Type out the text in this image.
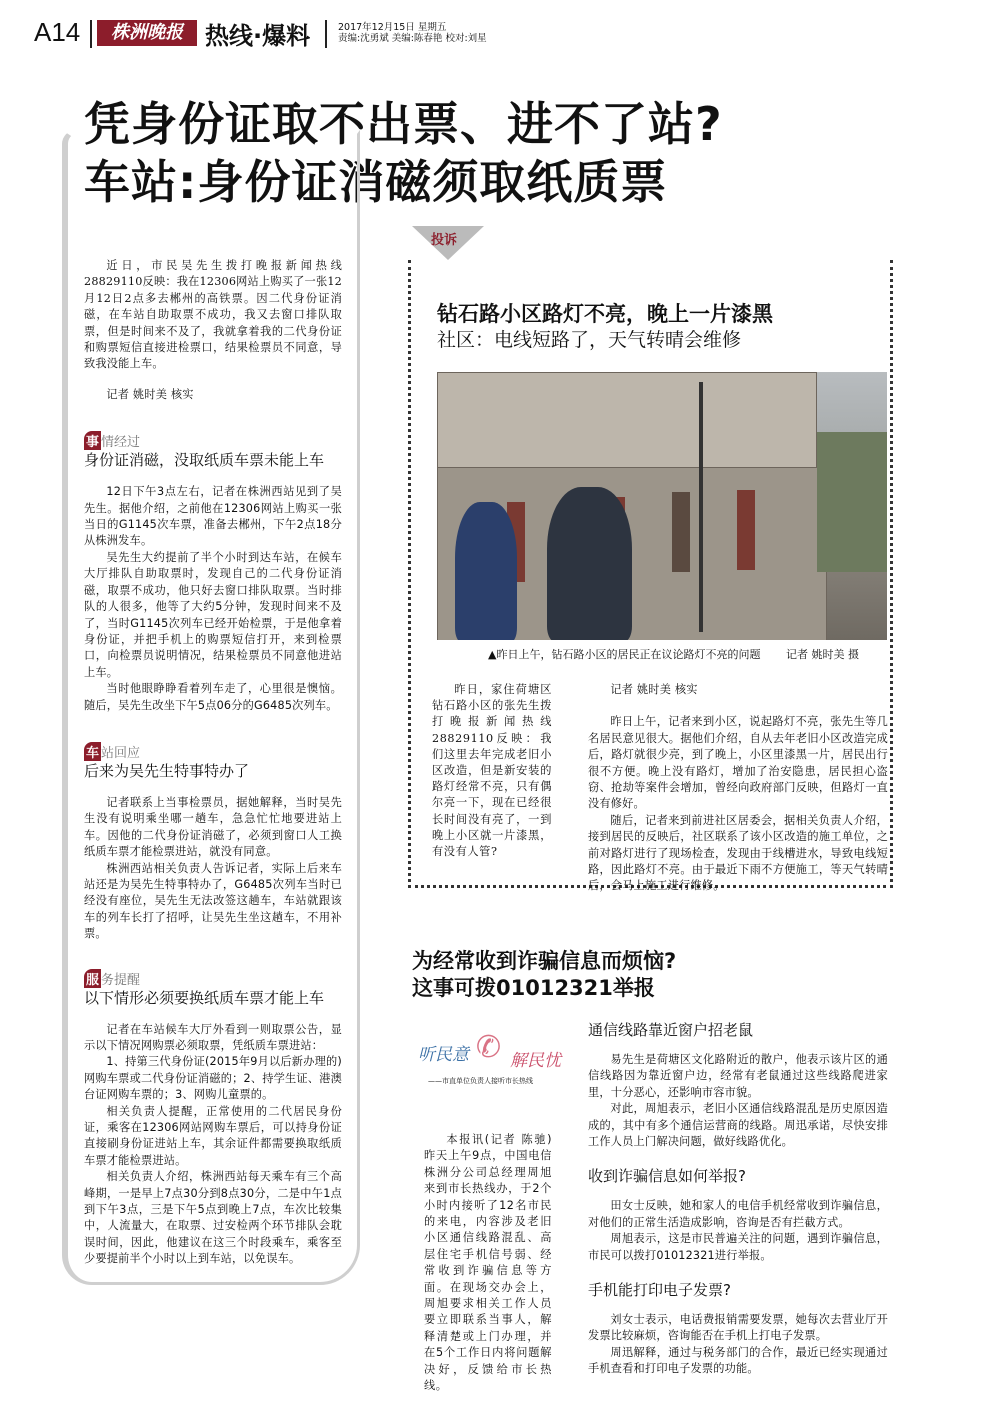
A14	株洲晚报 热线·爆料	2017年12月15日 星期五
责编:沈勇斌 美编:陈春艳 校对:刘星
凭身份证取不出票、进不了站?
车站:身份证消磁须取纸质票

近日，市民吴先生拨打晚报新闻热线28829110反映：我在12306网站上购买了一张12月12日2点多去郴州的高铁票。因二代身份证消磁，在车站自助取票不成功，我又去窗口排队取票，但是时间来不及了，我就拿着我的二代身份证和购票短信直接进检票口，结果检票员不同意，导致我没能上车。

记者 姚时美 核实

事 情经过
身份证消磁，没取纸质车票未能上车

12日下午3点左右，记者在株洲西站见到了吴先生。据他介绍，之前他在12306网站上购买一张当日的G1145次车票，准备去郴州，下午2点18分从株洲发车。

吴先生大约提前了半个小时到达车站，在候车大厅排队自助取票时，发现自己的二代身份证消磁，取票不成功，他只好去窗口排队取票。当时排队的人很多，他等了大约5分钟，发现时间来不及了，当时G1145次列车已经开始检票，于是他拿着身份证，并把手机上的购票短信打开，来到检票口，向检票员说明情况，结果检票员不同意他进站上车。

当时他眼睁睁看着列车走了，心里很是懊恼。随后，吴先生改坐下午5点06分的G6485次列车。

车 站回应
后来为吴先生特事特办了

记者联系上当事检票员，据她解释，当时吴先生没有说明乘坐哪一趟车，急急忙忙地要进站上车。因他的二代身份证消磁了，必须到窗口人工换纸质车票才能检票进站，就没有同意。

株洲西站相关负责人告诉记者，实际上后来车站还是为吴先生特事特办了，G6485次列车当时已经没有座位，吴先生无法改签这趟车，车站就跟该车的列车长打了招呼，让吴先生坐这趟车，不用补票。

服 务提醒
以下情形必须要换纸质车票才能上车

记者在车站候车大厅外看到一则取票公告，显示以下情况网购票必须取票，凭纸质车票进站：

1、持第三代身份证(2015年9月以后新办理的)网购车票或二代身份证消磁的；2、持学生证、港澳台证网购车票的；3、网购儿童票的。

相关负责人提醒，正常使用的二代居民身份证，乘客在12306网站网购车票后，可以持身份证直接刷身份证进站上车，其余证件都需要换取纸质车票才能检票进站。

相关负责人介绍，株洲西站每天乘车有三个高峰期，一是早上7点30分到8点30分，二是中午1点到下午3点，三是下午5点到晚上7点，车次比较集中，人流量大，在取票、过安检两个环节排队会耽误时间，因此，他建议在这三个时段乘车，乘客至少要提前半个小时以上到车站，以免误车。

投诉
钻石路小区路灯不亮，晚上一片漆黑
社区：电线短路了，天气转晴会维修
▲昨日上午，钻石路小区的居民正在议论路灯不亮的问题 记者 姚时美 摄

昨日，家住荷塘区钻石路小区的张先生拨打晚报新闻热线28829110反映：我们这里去年完成老旧小区改造，但是新安装的路灯经常不亮，只有偶尔亮一下，现在已经很长时间没有亮了，一到晚上小区就一片漆黑，有没有人管?

记者 姚时美 核实

昨日上午，记者来到小区，说起路灯不亮，张先生等几名居民意见很大。据他们介绍，自从去年老旧小区改造完成后，路灯就很少亮，到了晚上，小区里漆黑一片，居民出行很不方便。晚上没有路灯，增加了治安隐患，居民担心盗窃、抢劫等案件会增加，曾经向政府部门反映，但路灯一直没有修好。

随后，记者来到前进社区居委会，据相关负责人介绍，接到居民的反映后，社区联系了该小区改造的施工单位，之前对路灯进行了现场检查，发现由于线槽进水，导致电线短路，因此路灯不亮。由于最近下雨不方便施工，等天气转晴后，会马上施工进行维修。

为经常收到诈骗信息而烦恼?
这事可拨01012321举报
听民意 ✆ 解民忧
——市直单位负责人接听市长热线

本报讯(记者 陈驰)昨天上午9点，中国电信株洲分公司总经理周旭来到市长热线办，于2个小时内接听了12名市民的来电，内容涉及老旧小区通信线路混乱、高层住宅手机信号弱、经常收到诈骗信息等方面。在现场交办会上，周旭要求相关工作人员要立即联系当事人，解释清楚或上门办理，并在5个工作日内将问题解决好，反馈给市长热线。

通信线路靠近窗户招老鼠

易先生是荷塘区文化路附近的散户，他表示该片区的通信线路因为靠近窗户边，经常有老鼠通过这些线路爬进家里，十分恶心，还影响市容市貌。

对此，周旭表示，老旧小区通信线路混乱是历史原因造成的，其中有多个通信运营商的线路。周迅承诺，尽快安排工作人员上门解决问题，做好线路优化。

收到诈骗信息如何举报?

田女士反映，她和家人的电信手机经常收到诈骗信息，对他们的正常生活造成影响，咨询是否有拦截方式。

周旭表示，这是市民普遍关注的问题，遇到诈骗信息，市民可以拨打01012321进行举报。

手机能打印电子发票?

刘女士表示，电话费报销需要发票，她每次去营业厅开发票比较麻烦，咨询能否在手机上打电子发票。

周迅解释，通过与税务部门的合作，最近已经实现通过手机查看和打印电子发票的功能。
